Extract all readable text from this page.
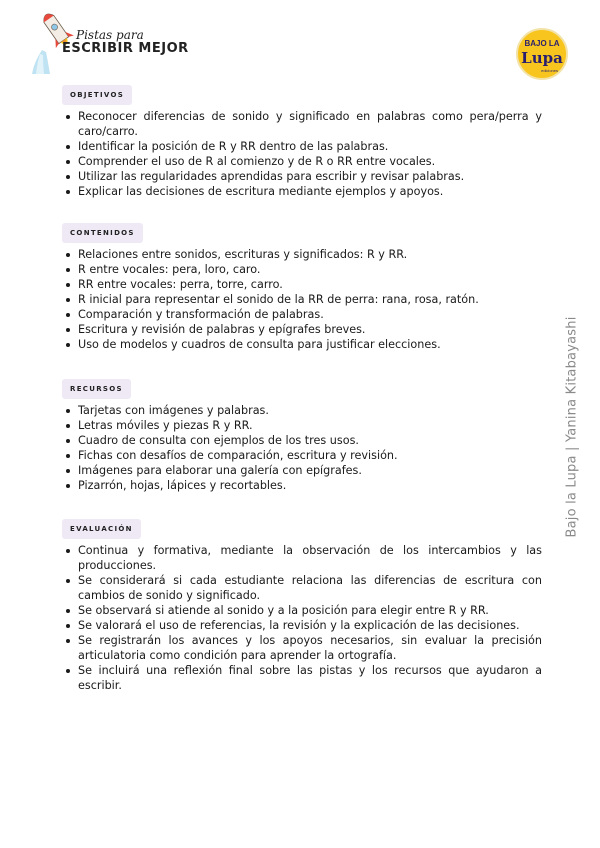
Pistas para
ESCRIBIR MEJOR	BAJO LA
Lupa
ediciones
OBJETIVOS
Reconocer diferencias de sonido y significado en palabras como pera/perra y caro/carro.
Identificar la posición de R y RR dentro de las palabras.
Comprender el uso de R al comienzo y de R o RR entre vocales.
Utilizar las regularidades aprendidas para escribir y revisar palabras.
Explicar las decisiones de escritura mediante ejemplos y apoyos.
CONTENIDOS
Relaciones entre sonidos, escrituras y significados: R y RR.
R entre vocales: pera, loro, caro.
RR entre vocales: perra, torre, carro.
R inicial para representar el sonido de la RR de perra: rana, rosa, ratón.
Comparación y transformación de palabras.
Escritura y revisión de palabras y epígrafes breves.
Uso de modelos y cuadros de consulta para justificar elecciones.
RECURSOS
Tarjetas con imágenes y palabras.
Letras móviles y piezas R y RR.
Cuadro de consulta con ejemplos de los tres usos.
Fichas con desafíos de comparación, escritura y revisión.
Imágenes para elaborar una galería con epígrafes.
Pizarrón, hojas, lápices y recortables.
EVALUACIÓN
Continua y formativa, mediante la observación de los intercambios y las producciones.
Se considerará si cada estudiante relaciona las diferencias de escritura con cambios de sonido y significado.
Se observará si atiende al sonido y a la posición para elegir entre R y RR.
Se valorará el uso de referencias, la revisión y la explicación de las decisiones.
Se registrarán los avances y los apoyos necesarios, sin evaluar la precisión articulatoria como condición para aprender la ortografía.
Se incluirá una reflexión final sobre las pistas y los recursos que ayudaron a escribir.
Bajo la Lupa | Yanina Kitabayashi
